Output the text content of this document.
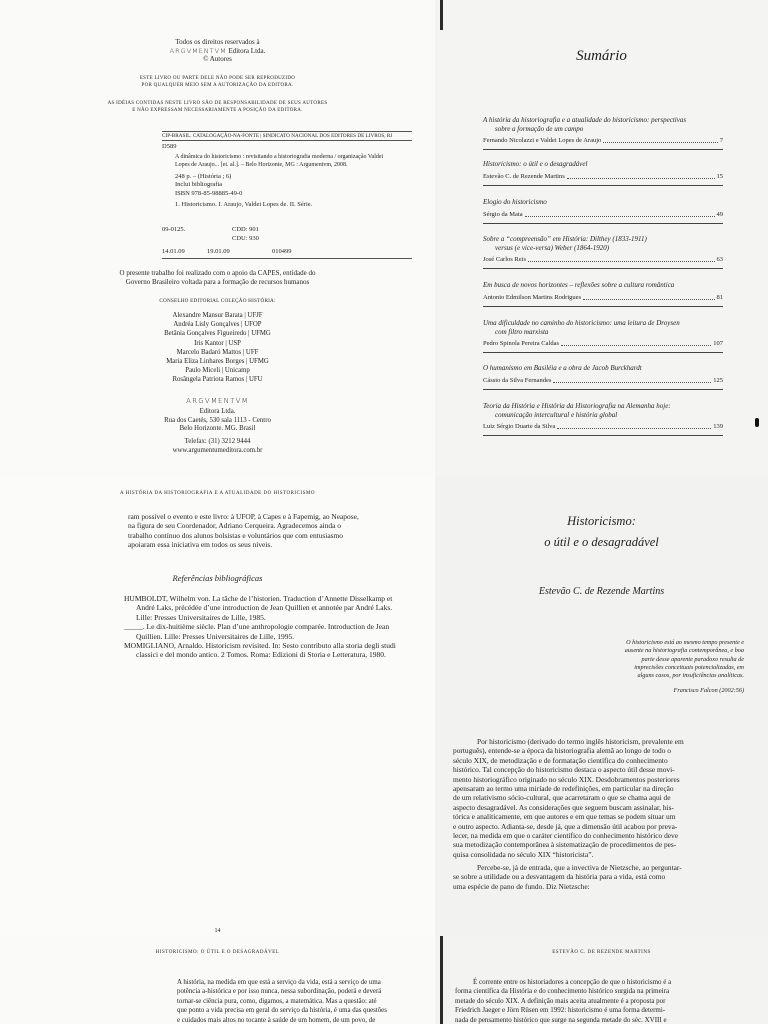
Todos os direitos reservados à
ARGVMENTVM Editora Ltda.
© Autores
ESTE LIVRO OU PARTE DELE NÃO PODE SER REPRODUZIDO
POR QUALQUER MEIO SEM A AUTORIZAÇÃO DA EDITORA.
AS IDÉIAS CONTIDAS NESTE LIVRO SÃO DE RESPONSABILIDADE DE SEUS AUTORES
E NÃO EXPRESSAM NECESSARIAMENTE A POSIÇÃO DA EDITORA.
CIP-BRASIL. CATALOGAÇÃO-NA-FONTE | SINDICATO NACIONAL DOS EDITORES DE LIVROS, RJ
D589
A dinâmica do historicismo : revisitando a historiografia moderna / organização Valdei
Lopes de Araujo... [et. al.]. – Belo Horizonte, MG : Argumentvm, 2008.
248 p. – (História ; 6)
Inclui bibliografia
ISBN 978-85-98885-49-0
1. Historicismo. I. Araujo, Valdei Lopes de. II. Série.
09-0125.	CDD: 901
CDU: 930
14.01.09	19.01.09	010499
O presente trabalho foi realizado com o apoio da CAPES, entidade do
Governo Brasileiro voltada para a formação de recursos humanos
CONSELHO EDITORIAL COLEÇÃO HISTÓRIA:
Alexandre Mansur Barata | UFJF
Andréa Lisly Gonçalves | UFOP
Betânia Gonçalves Figueiredo | UFMG
Iris Kantor | USP
Marcelo Badaró Mattos | UFF
Maria Eliza Linhares Borges | UFMG
Paulo Miceli | Unicamp
Rosângela Patriota Ramos | UFU
ARGVMENTVM
Editora Ltda.
Rua dos Caetés, 530 sala 1113 - Centro
Belo Horizonte. MG. Brasil
Telefax: (31) 3212 9444
www.argumentumeditora.com.br
Sumário
A história da historiografia e a atualidade do historicismo: perspectivas
sobre a formação de um campo
Fernando Nicolazzi e Valdei Lopes de Araujo	7
Historicismo: o útil e o desagradável
Estevão C. de Rezende Martins	15
Elogio do historicismo
Sérgio da Mata	49
Sobre a “compreensão” em História: Dilthey (1833-1911)
versus (e vice-versa) Weber (1864-1920)
José Carlos Reis	63
Em busca de novos horizontes – reflexões sobre a cultura romântica
Antonio Edmilson Martins Rodrigues	81
Uma dificuldade no caminho do historicismo: uma leitura de Droysen
com filtro marxista
Pedro Spinola Pereira Caldas	107
O humanismo em Basiléia e a obra de Jacob Burckhardt
Cássio da Silva Fernandes	125
Teoria da História e História da Historiografia na Alemanha hoje:
comunicação intercultural e história global
Luiz Sérgio Duarte da Silva	139
A HISTÓRIA DA HISTORIOGRAFIA E A ATUALIDADE DO HISTORICISMO
ram possível o evento e este livro: à UFOP, à Capes e à Fapemig, ao Neapose,
na figura de seu Coordenador, Adriano Cerqueira. Agradecemos ainda o
trabalho contínuo dos alunos bolsistas e voluntários que com entusiasmo
apoiaram essa iniciativa em todos os seus níveis.
Referências bibliográficas
HUMBOLDT, Wilhelm von. La tâche de l’historien. Traduction d’Annette Disselkamp et André Laks, précédée d’une introduction de Jean Quillien et annotée par André Laks. Lille: Presses Universitaires de Lille, 1985.
_____. Le dix-huitième siècle. Plan d’une anthropologie comparée. Introduction de Jean Quillien. Lille: Presses Universitaires de Lille, 1995.
MOMIGLIANO, Arnaldo. Historicism revisited. In: Sesto contributo alla storia degli studi classici e del mondo antico. 2 Tomos. Roma: Edizioni di Storia e Letteratura, 1980.
14
Historicismo:
o útil e o desagradável
Estevão C. de Rezende Martins
O historicismo está ao mesmo tempo presente e
ausente na historiografia contemporânea, e boa
parte desse aparente paradoxo resulta de
imprecisões conceituais potencializadas, em
alguns casos, por insuficiências analíticas.
Francisco Falcon (2002:56)
Por historicismo (derivado do termo inglês historicism, prevalente em
português), entende-se a época da historiografia alemã ao longo de todo o
século XIX, de metodização e de formatação científica do conhecimento
histórico. Tal concepção do historicismo destaca o aspecto útil desse movi-
mento historiográfico originado no século XIX. Desdobramentos posteriores
apensaram ao termo uma miríade de redefinições, em particular na direção
de um relativismo sócio-cultural, que acarretaram o que se chama aqui de
aspecto desagradável. As considerações que seguem buscam assinalar, his-
tórica e analiticamente, em que autores e em que temas se podem situar um
e outro aspecto. Adianta-se, desde já, que a dimensão útil acabou por preva-
lecer, na medida em que o caráter científico do conhecimento histórico deve
sua metodização contemporânea à sistematização de procedimentos de pes-
quisa consolidada no século XIX “historicista”.
Percebe-se, já de entrada, que a invectiva de Nietzsche, ao perguntar-
se sobre a utilidade ou a desvantagem da história para a vida, está como
uma espécie de pano de fundo. Diz Nietzsche:
HISTORICISMO: O ÚTIL E O DESAGRADÁVEL
A história, na medida em que está a serviço da vida, está a serviço de uma
potência a-histórica e por isso nunca, nessa subordinação, poderá e deverá
tornar-se ciência pura, como, digamos, a matemática. Mas a questão: até
que ponto a vida precisa em geral do serviço da história, é uma das questões
e cuidados mais altos no tocante à saúde de um homem, de um povo, de
ESTEVÃO C. DE REZENDE MARTINS
É corrente entre os historiadores a concepção de que o historicismo é a
forma científica da História e do conhecimento histórico surgida na primeira
metade do século XIX. A definição mais aceita atualmente é a proposta por
Friedrich Jaeger e Jörn Rüsen em 1992: historicismo é uma forma determi-
nada de pensamento histórico que surge na segunda metade do séc. XVIII e
